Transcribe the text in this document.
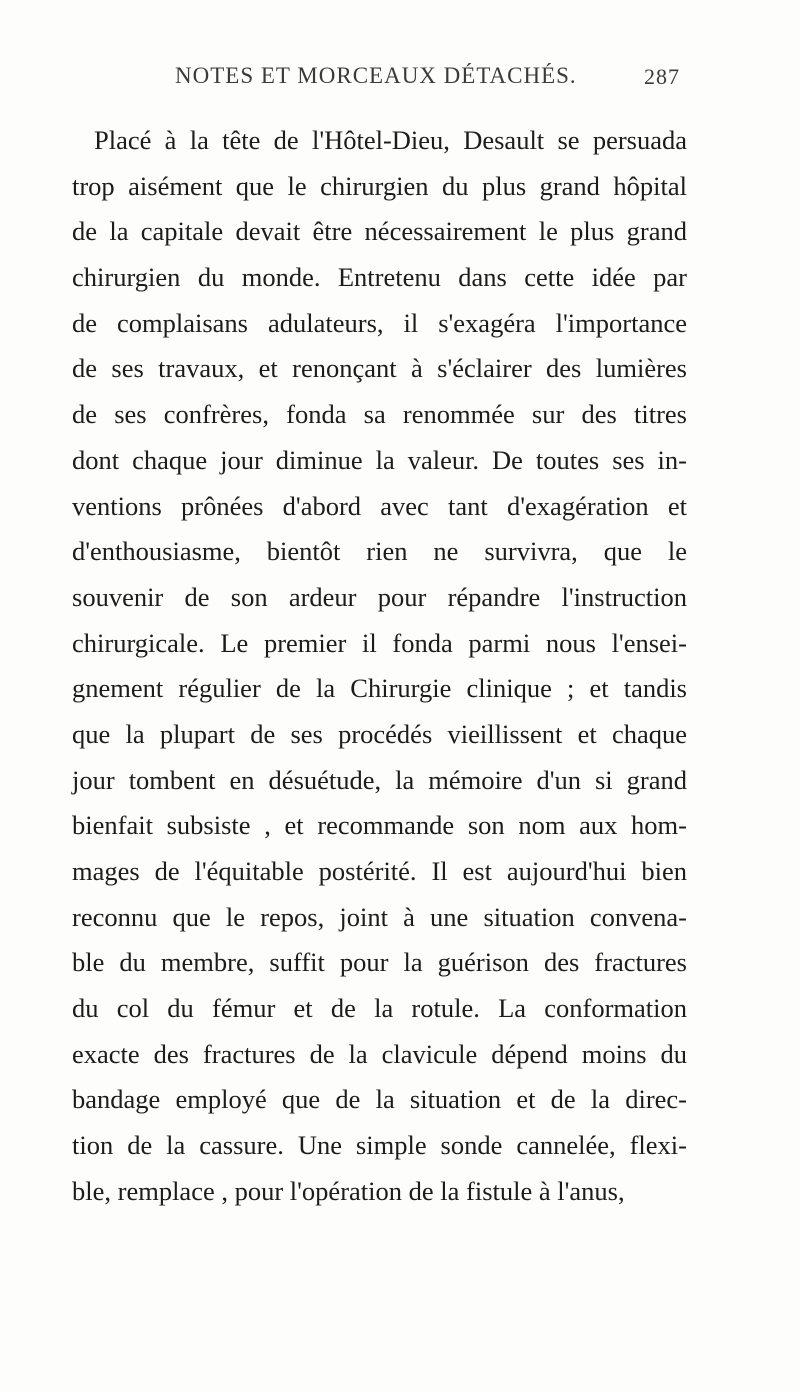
NOTES ET MORCEAUX DÉTACHÉS.	287
Placé à la tête de l'Hôtel-Dieu, Desault se persuada
trop aisément que le chirurgien du plus grand hôpital
de la capitale devait être nécessairement le plus grand
chirurgien du monde. Entretenu dans cette idée par
de complaisans adulateurs, il s'exagéra l'importance
de ses travaux, et renonçant à s'éclairer des lumières
de ses confrères, fonda sa renommée sur des titres
dont chaque jour diminue la valeur. De toutes ses in-
ventions prônées d'abord avec tant d'exagération et
d'enthousiasme, bientôt rien ne survivra, que le
souvenir de son ardeur pour répandre l'instruction
chirurgicale. Le premier il fonda parmi nous l'ensei-
gnement régulier de la Chirurgie clinique ; et tandis
que la plupart de ses procédés vieillissent et chaque
jour tombent en désuétude, la mémoire d'un si grand
bienfait subsiste , et recommande son nom aux hom-
mages de l'équitable postérité. Il est aujourd'hui bien
reconnu que le repos, joint à une situation convena-
ble du membre, suffit pour la guérison des fractures
du col du fémur et de la rotule. La conformation
exacte des fractures de la clavicule dépend moins du
bandage employé que de la situation et de la direc-
tion de la cassure. Une simple sonde cannelée, flexi-
ble, remplace , pour l'opération de la fistule à l'anus,
